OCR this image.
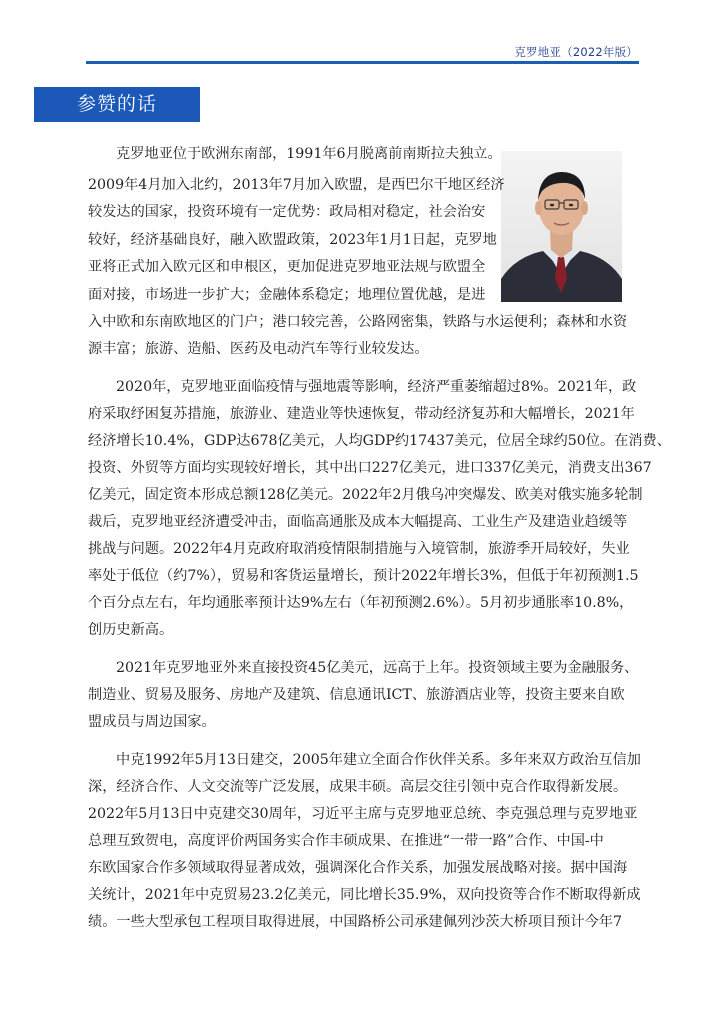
克罗地亚（2022年版）
参赞的话
克罗地亚位于欧洲东南部，1991年6月脱离前南斯拉夫独立。
2009年4月加入北约，2013年7月加入欧盟，是西巴尔干地区经济
较发达的国家，投资环境有一定优势：政局相对稳定，社会治安
较好，经济基础良好，融入欧盟政策，2023年1月1日起，克罗地
亚将正式加入欧元区和申根区，更加促进克罗地亚法规与欧盟全
面对接，市场进一步扩大；金融体系稳定；地理位置优越，是进
入中欧和东南欧地区的门户；港口较完善，公路网密集，铁路与水运便利；森林和水资
源丰富；旅游、造船、医药及电动汽车等行业较发达。
2020年，克罗地亚面临疫情与强地震等影响，经济严重萎缩超过8%。2021年，政
府采取纾困复苏措施，旅游业、建造业等快速恢复，带动经济复苏和大幅增长，2021年
经济增长10.4%，GDP达678亿美元，人均GDP约17437美元，位居全球约50位。在消费、
投资、外贸等方面均实现较好增长，其中出口227亿美元，进口337亿美元，消费支出367
亿美元，固定资本形成总额128亿美元。2022年2月俄乌冲突爆发、欧美对俄实施多轮制
裁后，克罗地亚经济遭受冲击，面临高通胀及成本大幅提高、工业生产及建造业趋缓等
挑战与问题。2022年4月克政府取消疫情限制措施与入境管制，旅游季开局较好，失业
率处于低位（约7%），贸易和客货运量增长，预计2022年增长3%，但低于年初预测1.5
个百分点左右，年均通胀率预计达9%左右（年初预测2.6%）。5月初步通胀率10.8%，
创历史新高。
2021年克罗地亚外来直接投资45亿美元，远高于上年。投资领域主要为金融服务、
制造业、贸易及服务、房地产及建筑、信息通讯ICT、旅游酒店业等，投资主要来自欧
盟成员与周边国家。
中克1992年5月13日建交，2005年建立全面合作伙伴关系。多年来双方政治互信加
深，经济合作、人文交流等广泛发展，成果丰硕。高层交往引领中克合作取得新发展。
2022年5月13日中克建交30周年，习近平主席与克罗地亚总统、李克强总理与克罗地亚
总理互致贺电，高度评价两国务实合作丰硕成果、在推进“一带一路”合作、中国-中
东欧国家合作多领域取得显著成效，强调深化合作关系，加强发展战略对接。据中国海
关统计，2021年中克贸易23.2亿美元，同比增长35.9%，双向投资等合作不断取得新成
绩。一些大型承包工程项目取得进展，中国路桥公司承建佩列沙茨大桥项目预计今年7
